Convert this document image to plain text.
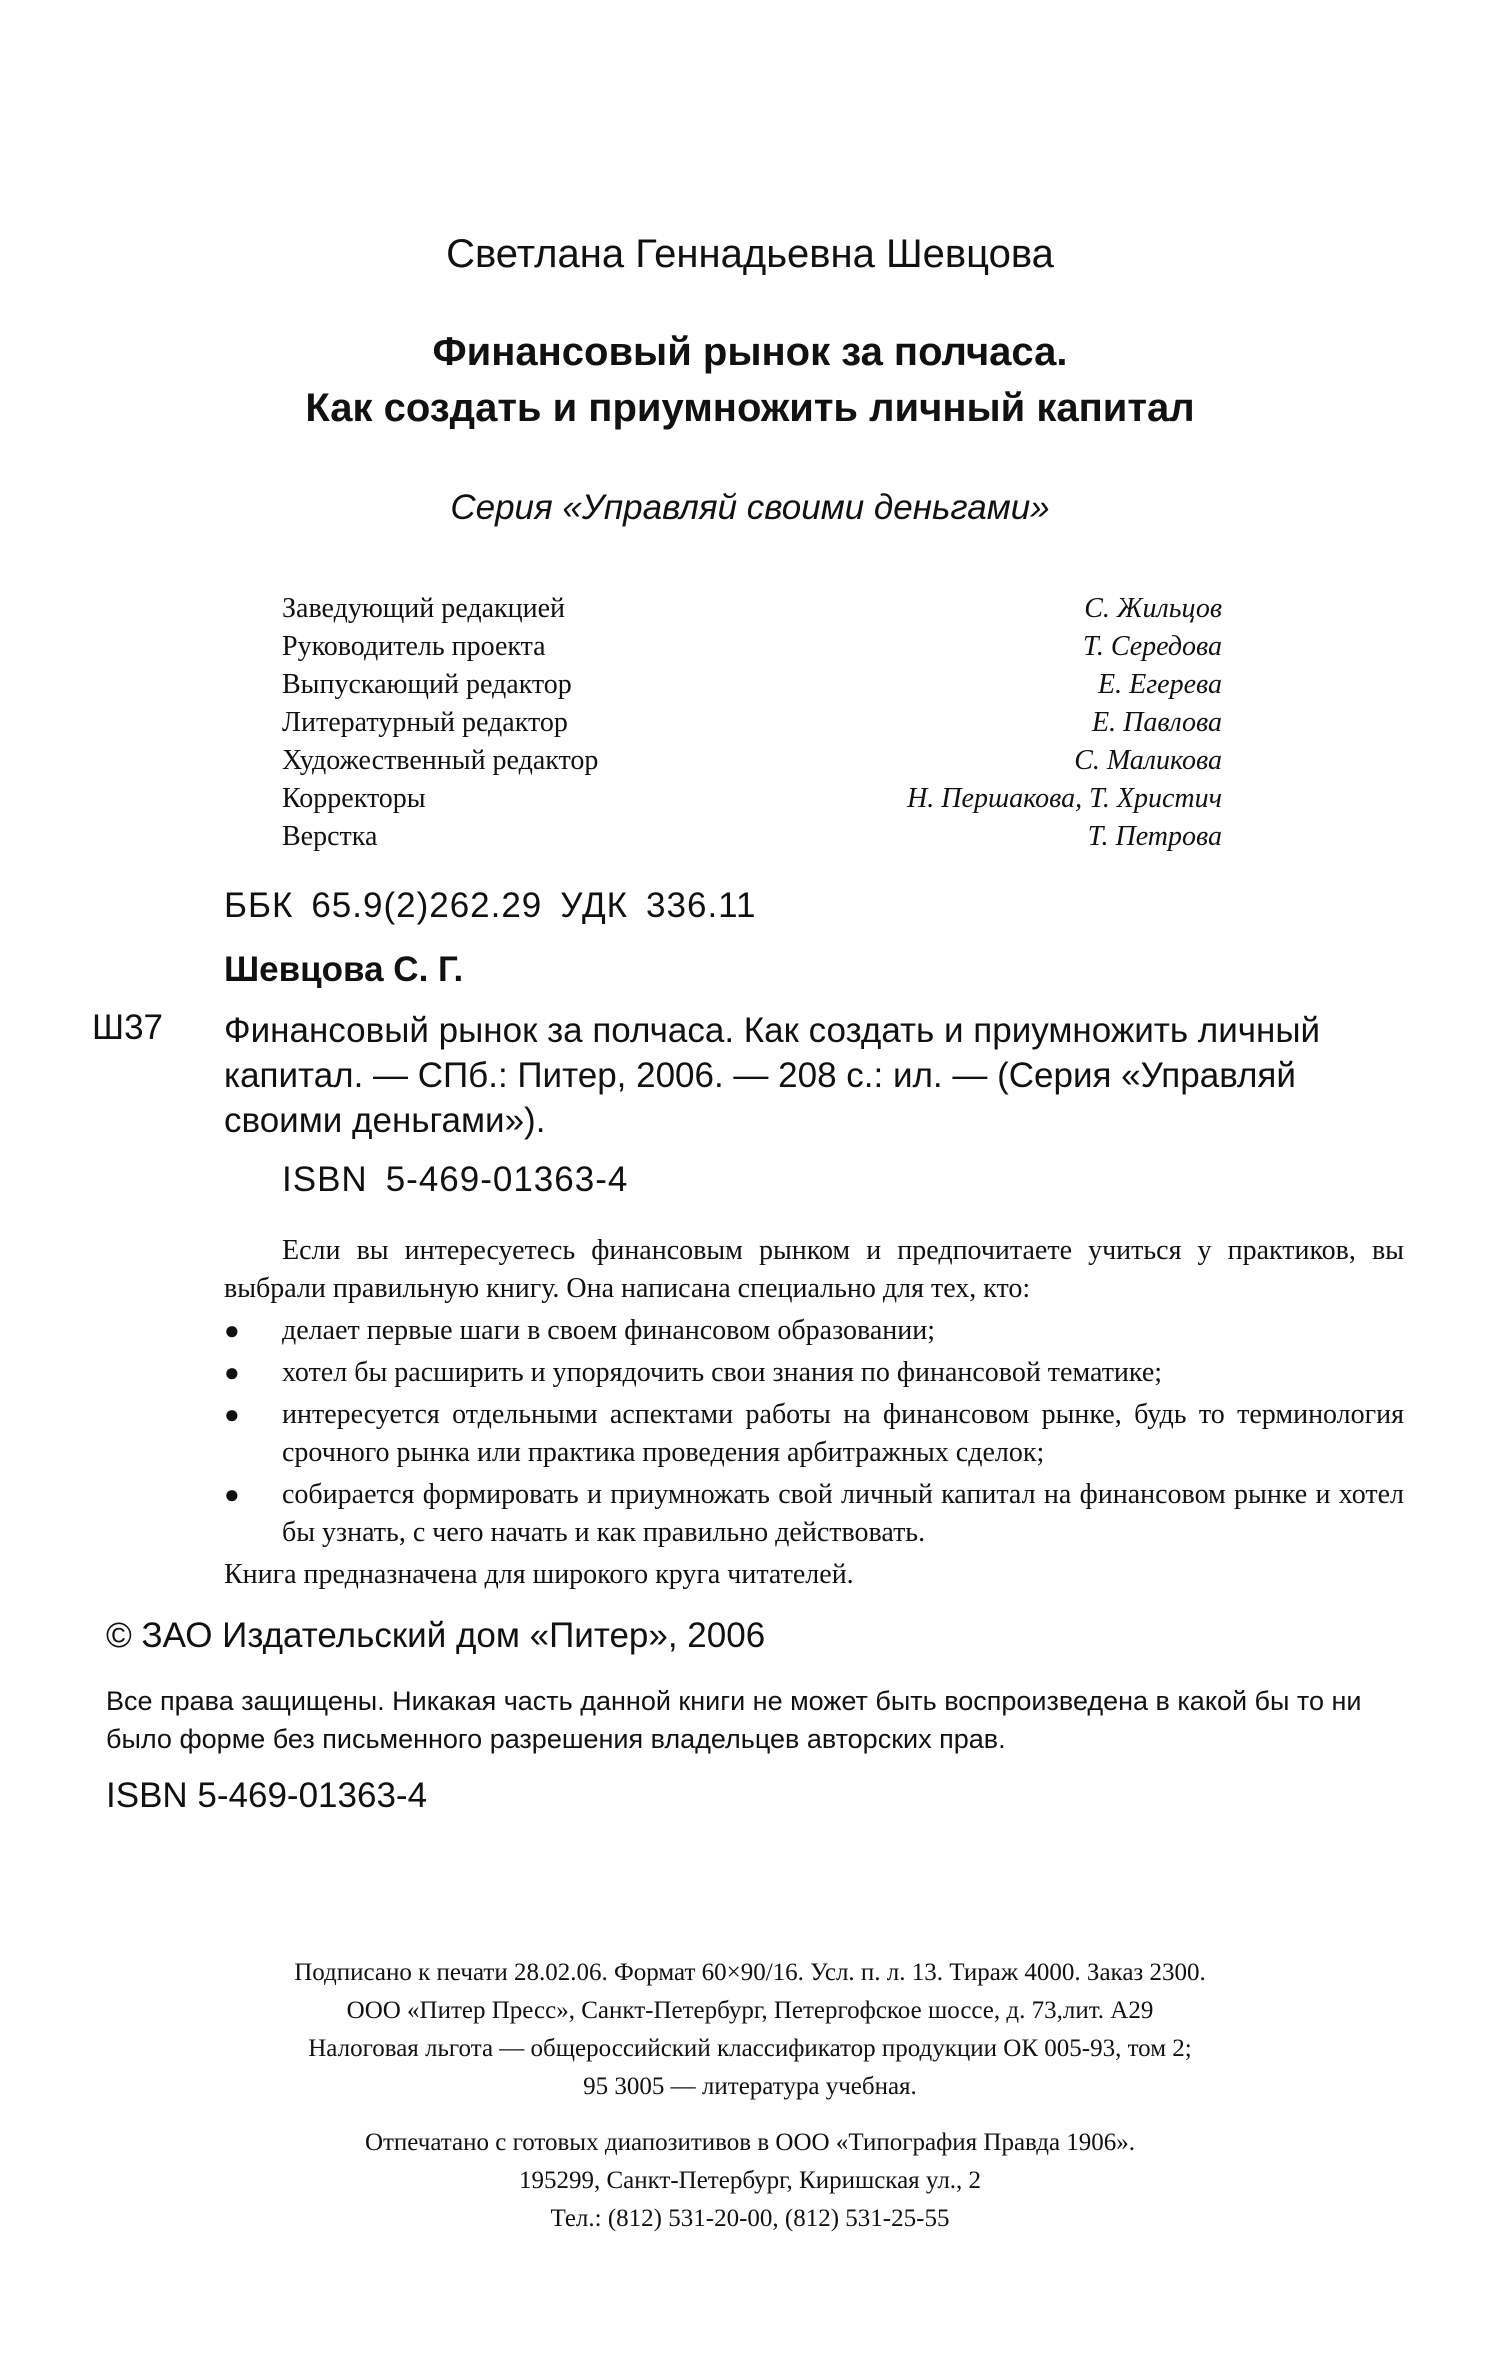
Светлана Геннадьевна Шевцова
Финансовый рынок за полчаса.
Как создать и приумножить личный капитал
Серия «Управляй своими деньгами»
Заведующий редакцией	С. Жильцов
Руководитель проекта	Т. Середова
Выпускающий редактор	Е. Егерева
Литературный редактор	Е. Павлова
Художественный редактор	С. Маликова
Корректоры	Н. Першакова, Т. Христич
Верстка	Т. Петрова
ББК 65.9(2)262.29 УДК 336.11
Шевцова С. Г.
Ш37 Финансовый рынок за полчаса. Как создать и приумножить личный капитал. — СПб.: Питер, 2006. — 208 с.: ил. — (Серия «Управляй своими деньгами»).
ISBN 5-469-01363-4
Если вы интересуетесь финансовым рынком и предпочитаете учиться у практиков, вы выбрали правильную книгу. Она написана специально для тех, кто:
● делает первые шаги в своем финансовом образовании;
● хотел бы расширить и упорядочить свои знания по финансовой тематике;
● интересуется отдельными аспектами работы на финансовом рынке, будь то терминология срочного рынка или практика проведения арбитражных сделок;
● собирается формировать и приумножать свой личный капитал на финансовом рынке и хотел бы узнать, с чего начать и как правильно действовать.
Книга предназначена для широкого круга читателей.
© ЗАО Издательский дом «Питер», 2006
Все права защищены. Никакая часть данной книги не может быть воспроизведена в какой бы то ни было форме без письменного разрешения владельцев авторских прав.
ISBN 5-469-01363-4
Подписано к печати 28.02.06. Формат 60×90/16. Усл. п. л. 13. Тираж 4000. Заказ 2300.
ООО «Питер Пресс», Санкт-Петербург, Петергофское шоссе, д. 73,лит. А29
Налоговая льгота — общероссийский классификатор продукции ОК 005-93, том 2;
95 3005 — литература учебная.
Отпечатано с готовых диапозитивов в ООО «Типография Правда 1906».
195299, Санкт-Петербург, Киришская ул., 2
Тел.: (812) 531-20-00, (812) 531-25-55
